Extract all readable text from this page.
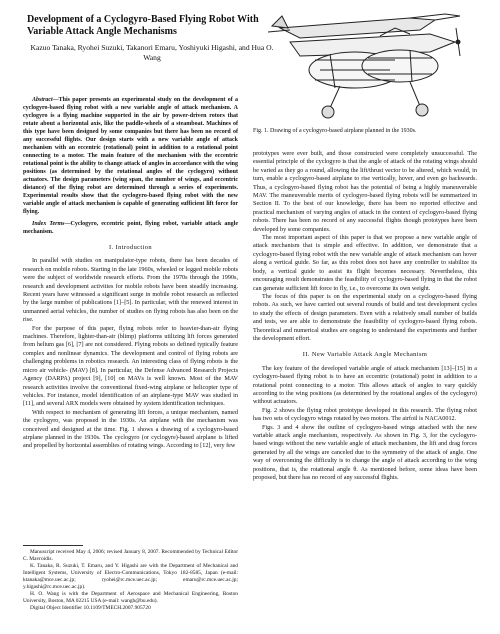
Development of a Cyclogyro-Based Flying Robot With Variable Attack Angle Mechanisms
Kazuo Tanaka, Ryohei Suzuki, Takanori Emaru, Yoshiyuki Higashi, and Hua O. Wang

Abstract—This paper presents an experimental study on the development of a cyclogyro-based flying robot with a new variable angle of attack mechanism. A cyclogyro is a flying machine supported in the air by power-driven rotors that rotate about a horizontal axis, like the paddle-wheels of a steamboat. Machines of this type have been designed by some companies but there has been no record of any successful flights. Our design starts with a new variable angle of attack mechanism with an eccentric (rotational) point in addition to a rotational point connecting to a motor. The main feature of the mechanism with the eccentric rotational point is the ability to change attack of angles in accordance with the wing positions (as determined by the rotational angles of the cyclogyro) without actuators. The design parameters (wing span, the number of wings, and eccentric distance) of the flying robot are determined through a series of experiments. Experimental results show that the cyclogyro-based flying robot with the new variable angle of attack mechanism is capable of generating sufficient lift force for flying.

Index Terms—Cyclogyro, eccentric point, flying robot, variable attack angle mechanism.

I. Introduction

In parallel with studies on manipulator-type robots, there has been decades of research on mobile robots. Starting in the late 1960s, wheeled or legged mobile robots were the subject of worldwide research efforts. From the 1970s through the 1990s, research and development activities for mobile robots have been steadily increasing. Recent years have witnessed a significant surge in mobile robot research as reflected by the large number of publications [1]–[5]. In particular, with the renewed interest in unmanned aerial vehicles, the number of studies on flying robots has also been on the rise.

For the purpose of this paper, flying robots refer to heavier-than-air flying machines. Therefore, lighter-than-air (blimp) platforms utilizing lift forces generated from helium gas [6], [7] are not considered. Flying robots so defined typically feature complex and nonlinear dynamics. The development and control of flying robots are challenging problems in robotics research. An interesting class of flying robots is the micro air vehicle- (MAV) [8]. In particular, the Defense Advanced Research Projects Agency (DARPA) project [9], [10] on MAVs is well known. Most of the MAV research activities involve the conventional fixed-wing airplane or helicopter type of vehicles. For instance, model identification of an airplane-type MAV was studied in [11], and several ARX models were obtained by system identification techniques.

With respect to mechanism of generating lift forces, a unique mechanism, named the cyclogyro, was proposed in the 1930s. An airplane with the mechanism was conceived and designed at the time. Fig. 1 shows a drawing of a cyclogyro-based airplane planned in the 1930s. The cyclogyro (or cyclogyre)-based airplane is lifted and propelled by horizontal assemblies of rotating wings. According to [12], very few

Manuscript received May 4, 2006; revised January 8, 2007. Recommended by Technical Editor C. Mavroidis.

K. Tanaka, R. Suzuki, T. Emaru, and Y. Higashi are with the Department of Mechanical and Intelligent Systems, University of Electro-Communications, Tokyo 182-8585, Japan (e-mail: ktanaka@mce.uec.ac.jp; ryohei@rc.mce.uec.ac.jp; emaru@rc.mce.uec.ac.jp; y.higashi@rc.mce.uec.ac.jp).

H. O. Wang is with the Department of Aerospace and Mechanical Engineering, Boston University, Boston, MA 02215 USA (e-mail: wangh@bu.edu).

Digital Object Identifier 10.1109/TMECH.2007.905720

Fig. 1. Drawing of a cyclogyro-based airplane planned in the 1930s.

prototypes were ever built, and those constructed were completely unsuccessful. The essential principle of the cyclogyro is that the angle of attack of the rotating wings should be varied as they go a round, allowing the lift/thrust vector to be altered, which would, in turn, enable a cyclogyro-based airplane to rise vertically, hover, and even go backwards. Thus, a cyclogyro-based flying robot has the potential of being a highly maneuverable MAV. The maneuverable merits of cyclogyro-based flying robots will be summarized in Section II. To the best of our knowledge, there has been no reported effective and practical mechanism of varying angles of attack in the context of cyclogyro-based flying robots. There has been no record of any successful flights though prototypes have been developed by some companies.

The most important aspect of this paper is that we propose a new variable angle of attack mechanism that is simple and effective. In addition, we demonstrate that a cyclogyro-based flying robot with the new variable angle of attack mechanism can hover along a vertical guide. So far, as this robot does not have any controller to stabilize its body, a vertical guide to assist its flight becomes necessary. Nevertheless, this encouraging result demonstrates the feasibility of cyclogyro-based flying in that the robot can generate sufficient lift force to fly, i.e., to overcome its own weight.

The focus of this paper is on the experimental study on a cyclogyro-based flying robots. As such, we have carried out several rounds of build and test development cycles to study the effects of design parameters. Even with a relatively small number of builds and tests, we are able to demonstrate the feasibility of cyclogyro-based flying robots. Theoretical and numerical studies are ongoing to understand the experiments and further the development effort.

II. New Variable Attack Angle Mechanism

The key feature of the developed variable angle of attack mechanism [13]–[15] in a cyclogyro-based flying robot is to have an eccentric (rotational) point in addition to a rotational point connecting to a motor. This allows attack of angles to vary quickly according to the wing positions (as determined by the rotational angles of the cyclogyro) without actuators.

Fig. 2 shows the flying robot prototype developed in this research. The flying robot has two sets of cyclogyro wings rotated by two motors. The airfoil is NACA0012.

Figs. 3 and 4 show the outline of cyclogyro-based wings attached with the new variable attack angle mechanism, respectively. As shown in Fig. 3, for the cyclogyro-based wings without the new variable angle of attack mechanism, the lift and drag forces generated by all the wings are canceled due to the symmetry of the attack of angle. One way of overcoming the difficulty is to change the angle of attack according to the wing positions, that is, the rotational angle θ. As mentioned before, some ideas have been proposed, but there has no record of any successful flights.
